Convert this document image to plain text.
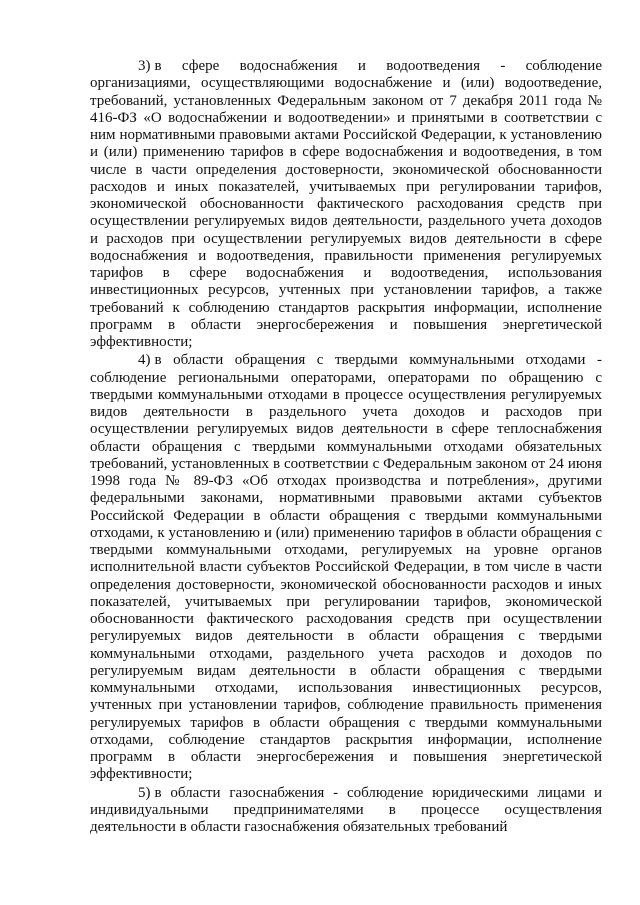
3) в сфере водоснабжения и водоотведения - соблюдение организациями, осуществляющими водоснабжение и (или) водоотведение, требований, установленных Федеральным законом от 7 декабря 2011 года № 416-ФЗ «О водоснабжении и водоотведении» и принятыми в соответствии с ним нормативными правовыми актами Российской Федерации, к установлению и (или) применению тарифов в сфере водоснабжения и водоотведения, в том числе в части определения достоверности, экономической обоснованности расходов и иных показателей, учитываемых при регулировании тарифов, экономической обоснованности фактического расходования средств при осуществлении регулируемых видов деятельности, раздельного учета доходов и расходов при осуществлении регулируемых видов деятельности в сфере водоснабжения и водоотведения, правильности применения регулируемых тарифов в сфере водоснабжения и водоотведения, использования инвестиционных ресурсов, учтенных при установлении тарифов, а также требований к соблюдению стандартов раскрытия информации, исполнение программ в области энергосбережения и повышения энергетической эффективности;

4) в области обращения с твердыми коммунальными отходами - соблюдение региональными операторами, операторами по обращению с твердыми коммунальными отходами в процессе осуществления регулируемых видов деятельности в раздельного учета доходов и расходов при осуществлении регулируемых видов деятельности в сфере теплоснабжения области обращения с твердыми коммунальными отходами обязательных требований, установленных в соответствии с Федеральным законом от 24 июня 1998 года № 89-ФЗ «Об отходах производства и потребления», другими федеральными законами, нормативными правовыми актами субъектов Российской Федерации в области обращения с твердыми коммунальными отходами, к установлению и (или) применению тарифов в области обращения с твердыми коммунальными отходами, регулируемых на уровне органов исполнительной власти субъектов Российской Федерации, в том числе в части определения достоверности, экономической обоснованности расходов и иных показателей, учитываемых при регулировании тарифов, экономической обоснованности фактического расходования средств при осуществлении регулируемых видов деятельности в области обращения с твердыми коммунальными отходами, раздельного учета расходов и доходов по регулируемым видам деятельности в области обращения с твердыми коммунальными отходами, использования инвестиционных ресурсов, учтенных при установлении тарифов, соблюдение правильность применения регулируемых тарифов в области обращения с твердыми коммунальными отходами, соблюдение стандартов раскрытия информации, исполнение программ в области энергосбережения и повышения энергетической эффективности;

5) в области газоснабжения - соблюдение юридическими лицами и индивидуальными предпринимателями в процессе осуществления деятельности в области газоснабжения обязательных требований
